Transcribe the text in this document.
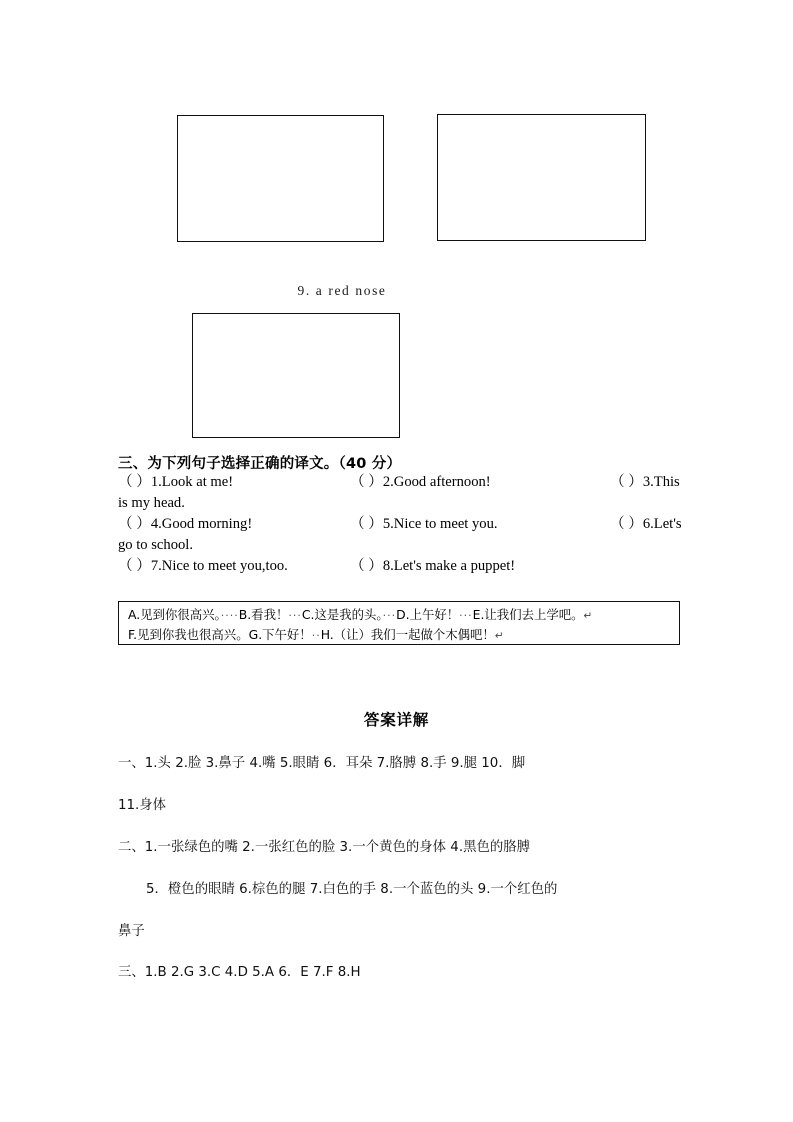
9. a red nose
三、为下列句子选择正确的译文。（40 分）
（ ）1.Look at me!	（ ）2.Good afternoon!	（ ）3.This
is my head.
（ ）4.Good morning!	（ ）5.Nice to meet you.	（ ）6.Let's
go to school.
（ ）7.Nice to meet you,too.	（ ）8.Let's make a puppet!
A.见到你很高兴。····B.看我！···C.这是我的头。···D.上午好！···E.让我们去上学吧。↵
F.见到你我也很高兴。G.下午好！··H.（让）我们一起做个木偶吧！↵
答案详解
一、1.头 2.脸 3.鼻子 4.嘴 5.眼睛 6．耳朵 7.胳膊 8.手 9.腿 10．脚
11.身体
二、1.一张绿色的嘴 2.一张红色的脸 3.一个黄色的身体 4.黑色的胳膊
5．橙色的眼睛 6.棕色的腿 7.白色的手 8.一个蓝色的头 9.一个红色的
鼻子
三、1.B 2.G 3.C 4.D 5.A 6．E 7.F 8.H
